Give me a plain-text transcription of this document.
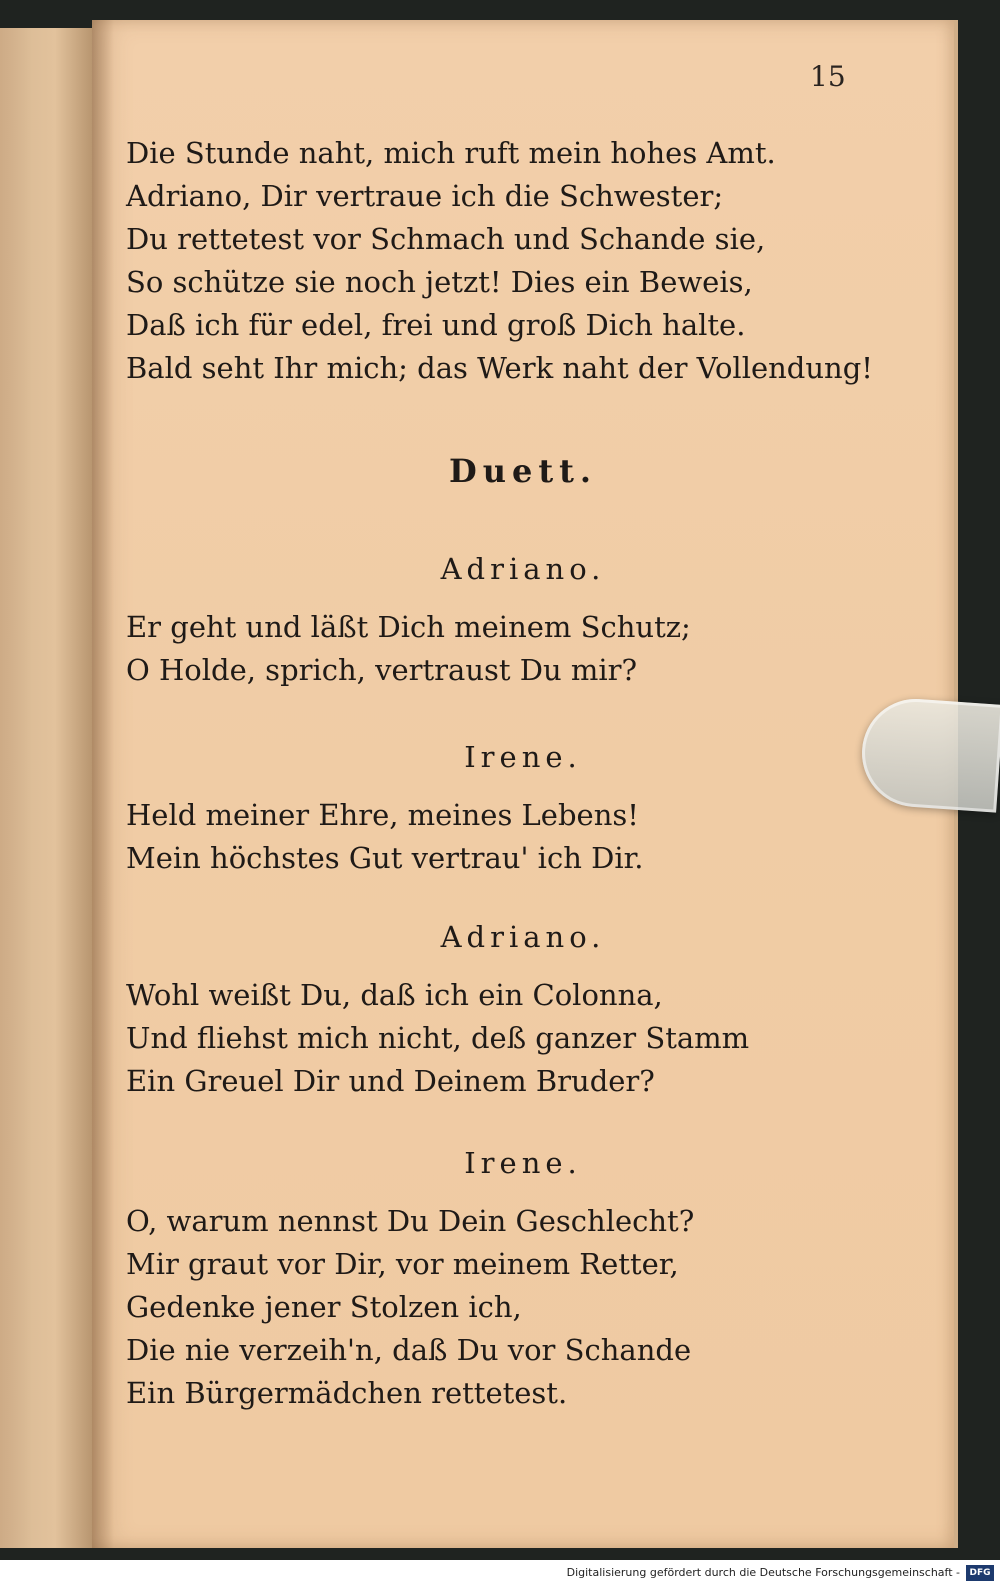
15
Die Stunde naht, mich ruft mein hohes Amt.
Adriano, Dir vertraue ich die Schwester;
Du rettetest vor Schmach und Schande sie,
So schütze sie noch jetzt! Dies ein Beweis,
Daß ich für edel, frei und groß Dich halte.
Bald seht Ihr mich; das Werk naht der Vollendung!
Duett.
Adriano.
Er geht und läßt Dich meinem Schutz;
O Holde, sprich, vertraust Du mir?
Irene.
Held meiner Ehre, meines Lebens!
Mein höchstes Gut vertrau' ich Dir.
Adriano.
Wohl weißt Du, daß ich ein Colonna,
Und fliehst mich nicht, deß ganzer Stamm
Ein Greuel Dir und Deinem Bruder?
Irene.
O, warum nennst Du Dein Geschlecht?
Mir graut vor Dir, vor meinem Retter,
Gedenke jener Stolzen ich,
Die nie verzeih'n, daß Du vor Schande
Ein Bürgermädchen rettetest.
Digitalisierung gefördert durch die Deutsche Forschungsgemeinschaft -	DFG
